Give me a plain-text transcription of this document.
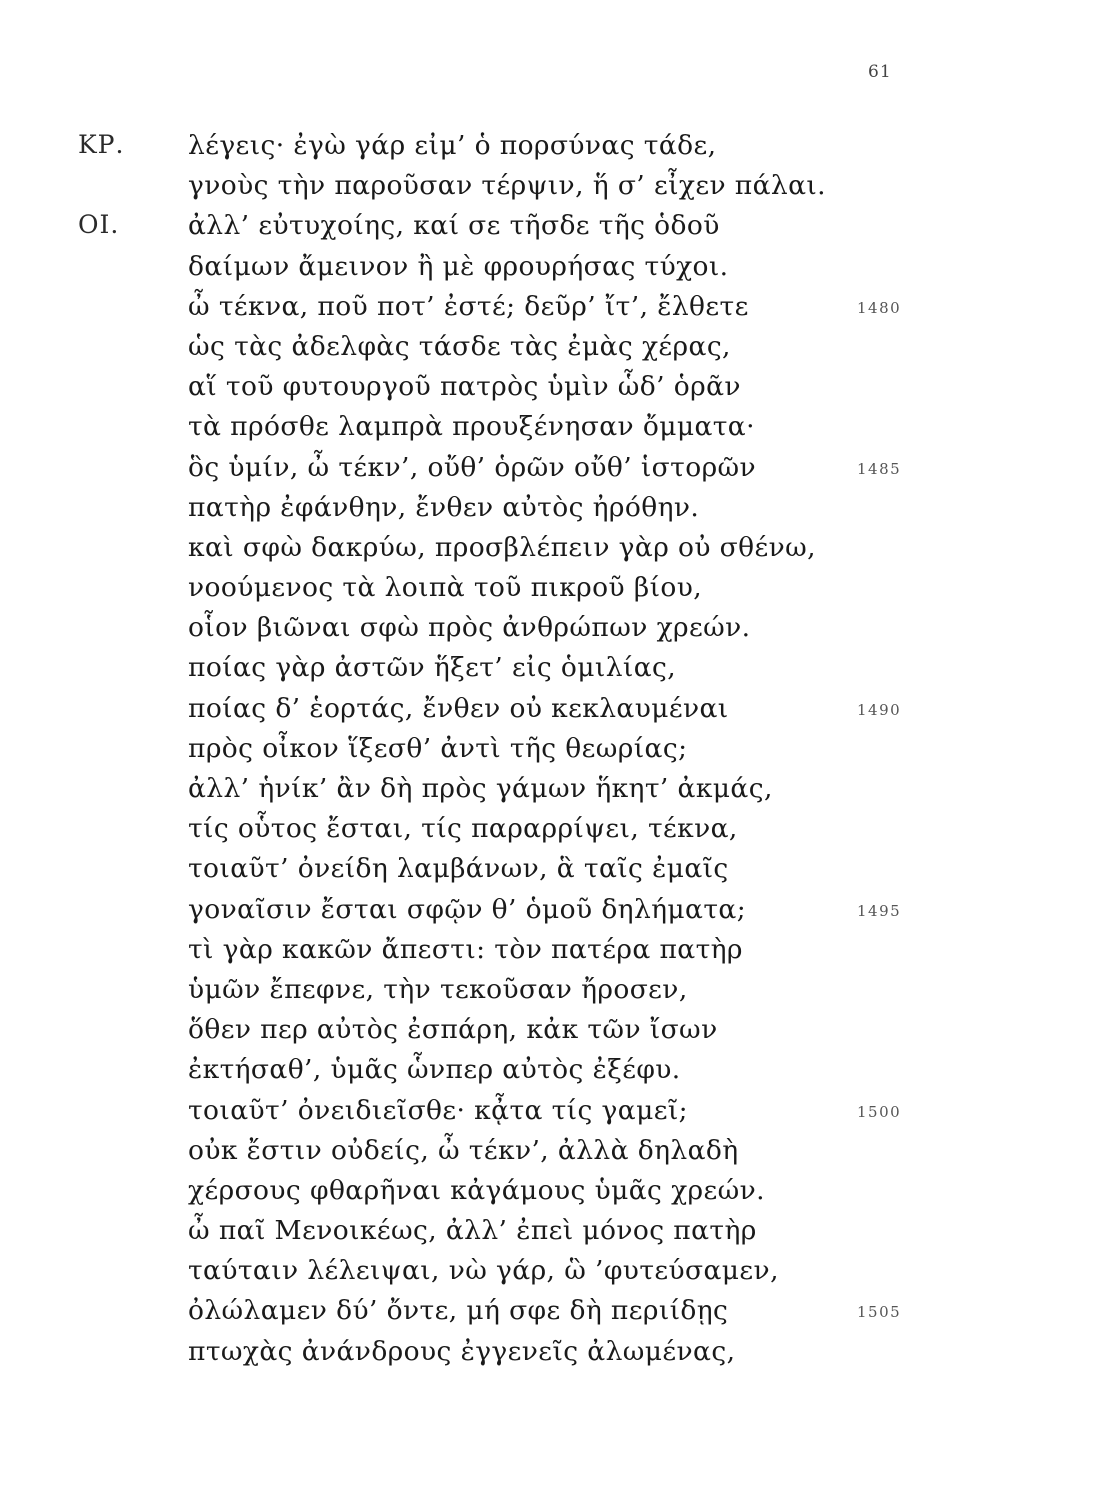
61
ΚΡ. λέγεις· ἐγὼ γάρ εἰμ’ ὁ πορσύνας τάδε,
γνοὺς τὴν παροῦσαν τέρψιν, ἥ σ’ εἶχεν πάλαι.
ΟΙ.	ἀλλ’ εὐτυχοίης, καί σε τῆσδε τῆς ὁδοῦ
δαίμων ἄμεινον ἢ μὲ φρουρήσας τύχοι.
ὦ τέκνα, ποῦ ποτ’ ἐστέ; δεῦρ’ ἴτ’, ἔλθετε	1480
ὡς τὰς ἀδελφὰς τάσδε τὰς ἐμὰς χέρας,
αἵ τοῦ φυτουργοῦ πατρὸς ὑμὶν ὧδ’ ὁρᾶν
τὰ πρόσθε λαμπρὰ προυξένησαν ὄμματα·
ὃς ὑμίν, ὦ τέκν’, οὔθ’ ὁρῶν οὔθ’ ἱστορῶν	1485
πατὴρ ἐφάνθην, ἔνθεν αὐτὸς ἠρόθην.
καὶ σφὼ δακρύω, προσβλέπειν γὰρ οὐ σθένω,
νοούμενος τὰ λοιπὰ τοῦ πικροῦ βίου,
οἷον βιῶναι σφὼ πρὸς ἀνθρώπων χρεών.
ποίας γὰρ ἀστῶν ἥξετ’ εἰς ὁμιλίας,
ποίας δ’ ἑορτάς, ἔνθεν οὐ κεκλαυμέναι	1490
πρὸς οἶκον ἵξεσθ’ ἀντὶ τῆς θεωρίας;
ἀλλ’ ἡνίκ’ ἂν δὴ πρὸς γάμων ἥκητ’ ἀκμάς,
τίς οὗτος ἔσται, τίς παραρρίψει, τέκνα,
τοιαῦτ’ ὀνείδη λαμβάνων, ἃ ταῖς ἐμαῖς
γοναῖσιν ἔσται σφῷν θ’ ὁμοῦ δηλήματα;	1495
τὶ γὰρ κακῶν ἄπεστι: τὸν πατέρα πατὴρ
ὑμῶν ἔπεφνε, τὴν τεκοῦσαν ἤροσεν,
ὅθεν περ αὐτὸς ἐσπάρη, κἀκ τῶν ἴσων
ἐκτήσαθ’, ὑμᾶς ὧνπερ αὐτὸς ἐξέφυ.
τοιαῦτ’ ὀνειδιεῖσθε· κᾆτα τίς γαμεῖ;	1500
οὐκ ἔστιν οὐδείς, ὦ τέκν’, ἀλλὰ δηλαδὴ
χέρσους φθαρῆναι κἀγάμους ὑμᾶς χρεών.
ὦ παῖ Μενοικέως, ἀλλ’ ἐπεὶ μόνος πατὴρ
ταύταιν λέλειψαι, νὼ γάρ, ὣ ’φυτεύσαμεν,
ὀλώλαμεν δύ’ ὄντε, μή σφε δὴ περιίδῃς	1505
πτωχὰς ἀνάνδρους ἐγγενεῖς ἀλωμένας,
